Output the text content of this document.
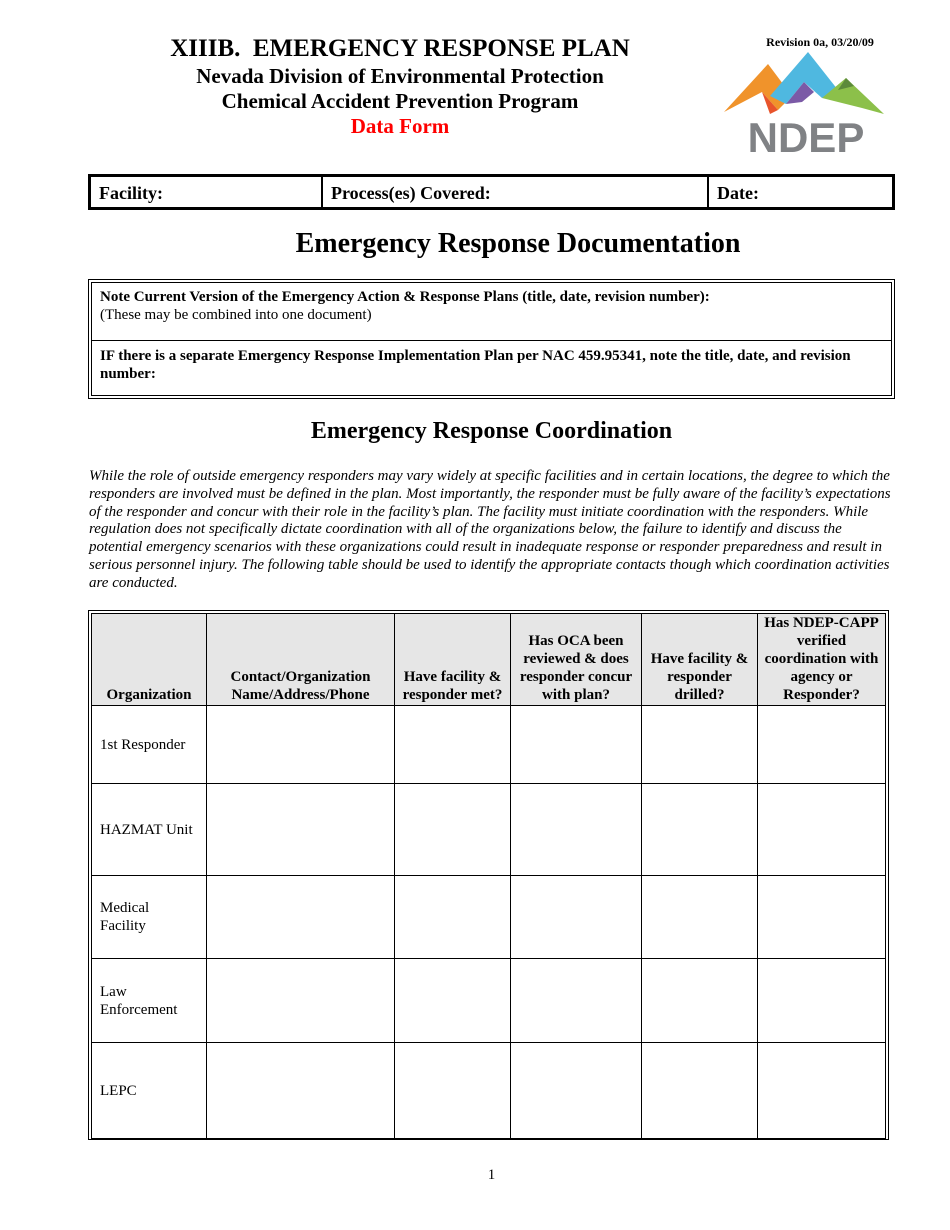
XIIIB.  EMERGENCY RESPONSE PLAN
Nevada Division of Environmental Protection
Chemical Accident Prevention Program
Data Form
Revision 0a, 03/20/09
NDEP
Facility:	Process(es) Covered:	Date:
Emergency Response Documentation
Note Current Version of the Emergency Action & Response Plans (title, date, revision number):
(These may be combined into one document)
IF there is a separate Emergency Response Implementation Plan per NAC 459.95341, note the title, date, and revision number:
Emergency Response Coordination
While the role of outside emergency responders may vary widely at specific facilities and in certain locations, the degree to which the responders are involved must be defined in the plan. Most importantly, the responder must be fully aware of the facility’s expectations of the responder and concur with their role in the facility’s plan. The facility must initiate coordination with the responders. While regulation does not specifically dictate coordination with all of the organizations below, the failure to identify and discuss the potential emergency scenarios with these organizations could result in inadequate response or responder preparedness and result in serious personnel injury. The following table should be used to identify the appropriate contacts though which coordination activities are conducted.
Organization	Contact/Organization Name/Address/Phone	Have facility & responder met?	Has OCA been reviewed & does responder concur with plan?	Have facility & responder drilled?	Has NDEP-CAPP verified coordination with agency or Responder?
1st Responder					
HAZMAT Unit					
Medical Facility					
Law Enforcement					
LEPC					
1
